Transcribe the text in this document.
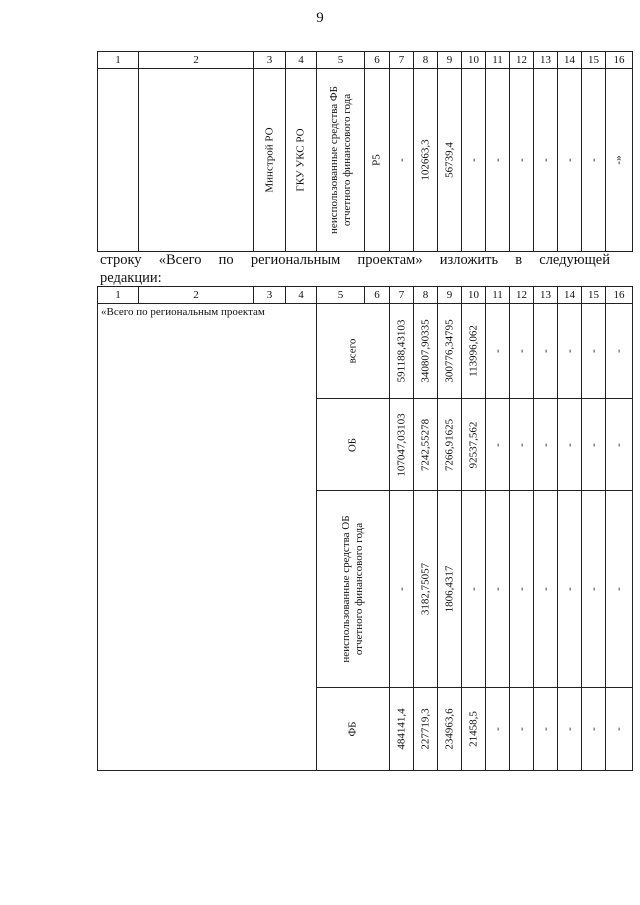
9
1	2	3	4	5	6	7	8	9	10	11	12	13	14	15	16

		Минстрой РО	ГКУ УКС РО	неиспользованные средства ФБ отчетного финансового года	Р5	-	102663,3	56739,4	-	-	-	-	-	-	-»
строку «Всего по региональным проектам» изложить в следующей
редакции:
1	2	3	4	5	6	7	8	9	10	11	12	13	14	15	16
«Всего по региональным проектам				всего		591188,43103	340807,90335	300776,34795	113996,062	-	-	-	-	-	-

				ОБ		107047,03103	7242,55278	7266,91625	92537,562	-	-	-	-	-	-

				неиспользованные средства ОБ отчетного финансового года		-	3182,75057	1806,4317	-	-	-	-	-	-	-

				ФБ		484141,4	227719,3	234963,6	21458,5	-	-	-	-	-	-
